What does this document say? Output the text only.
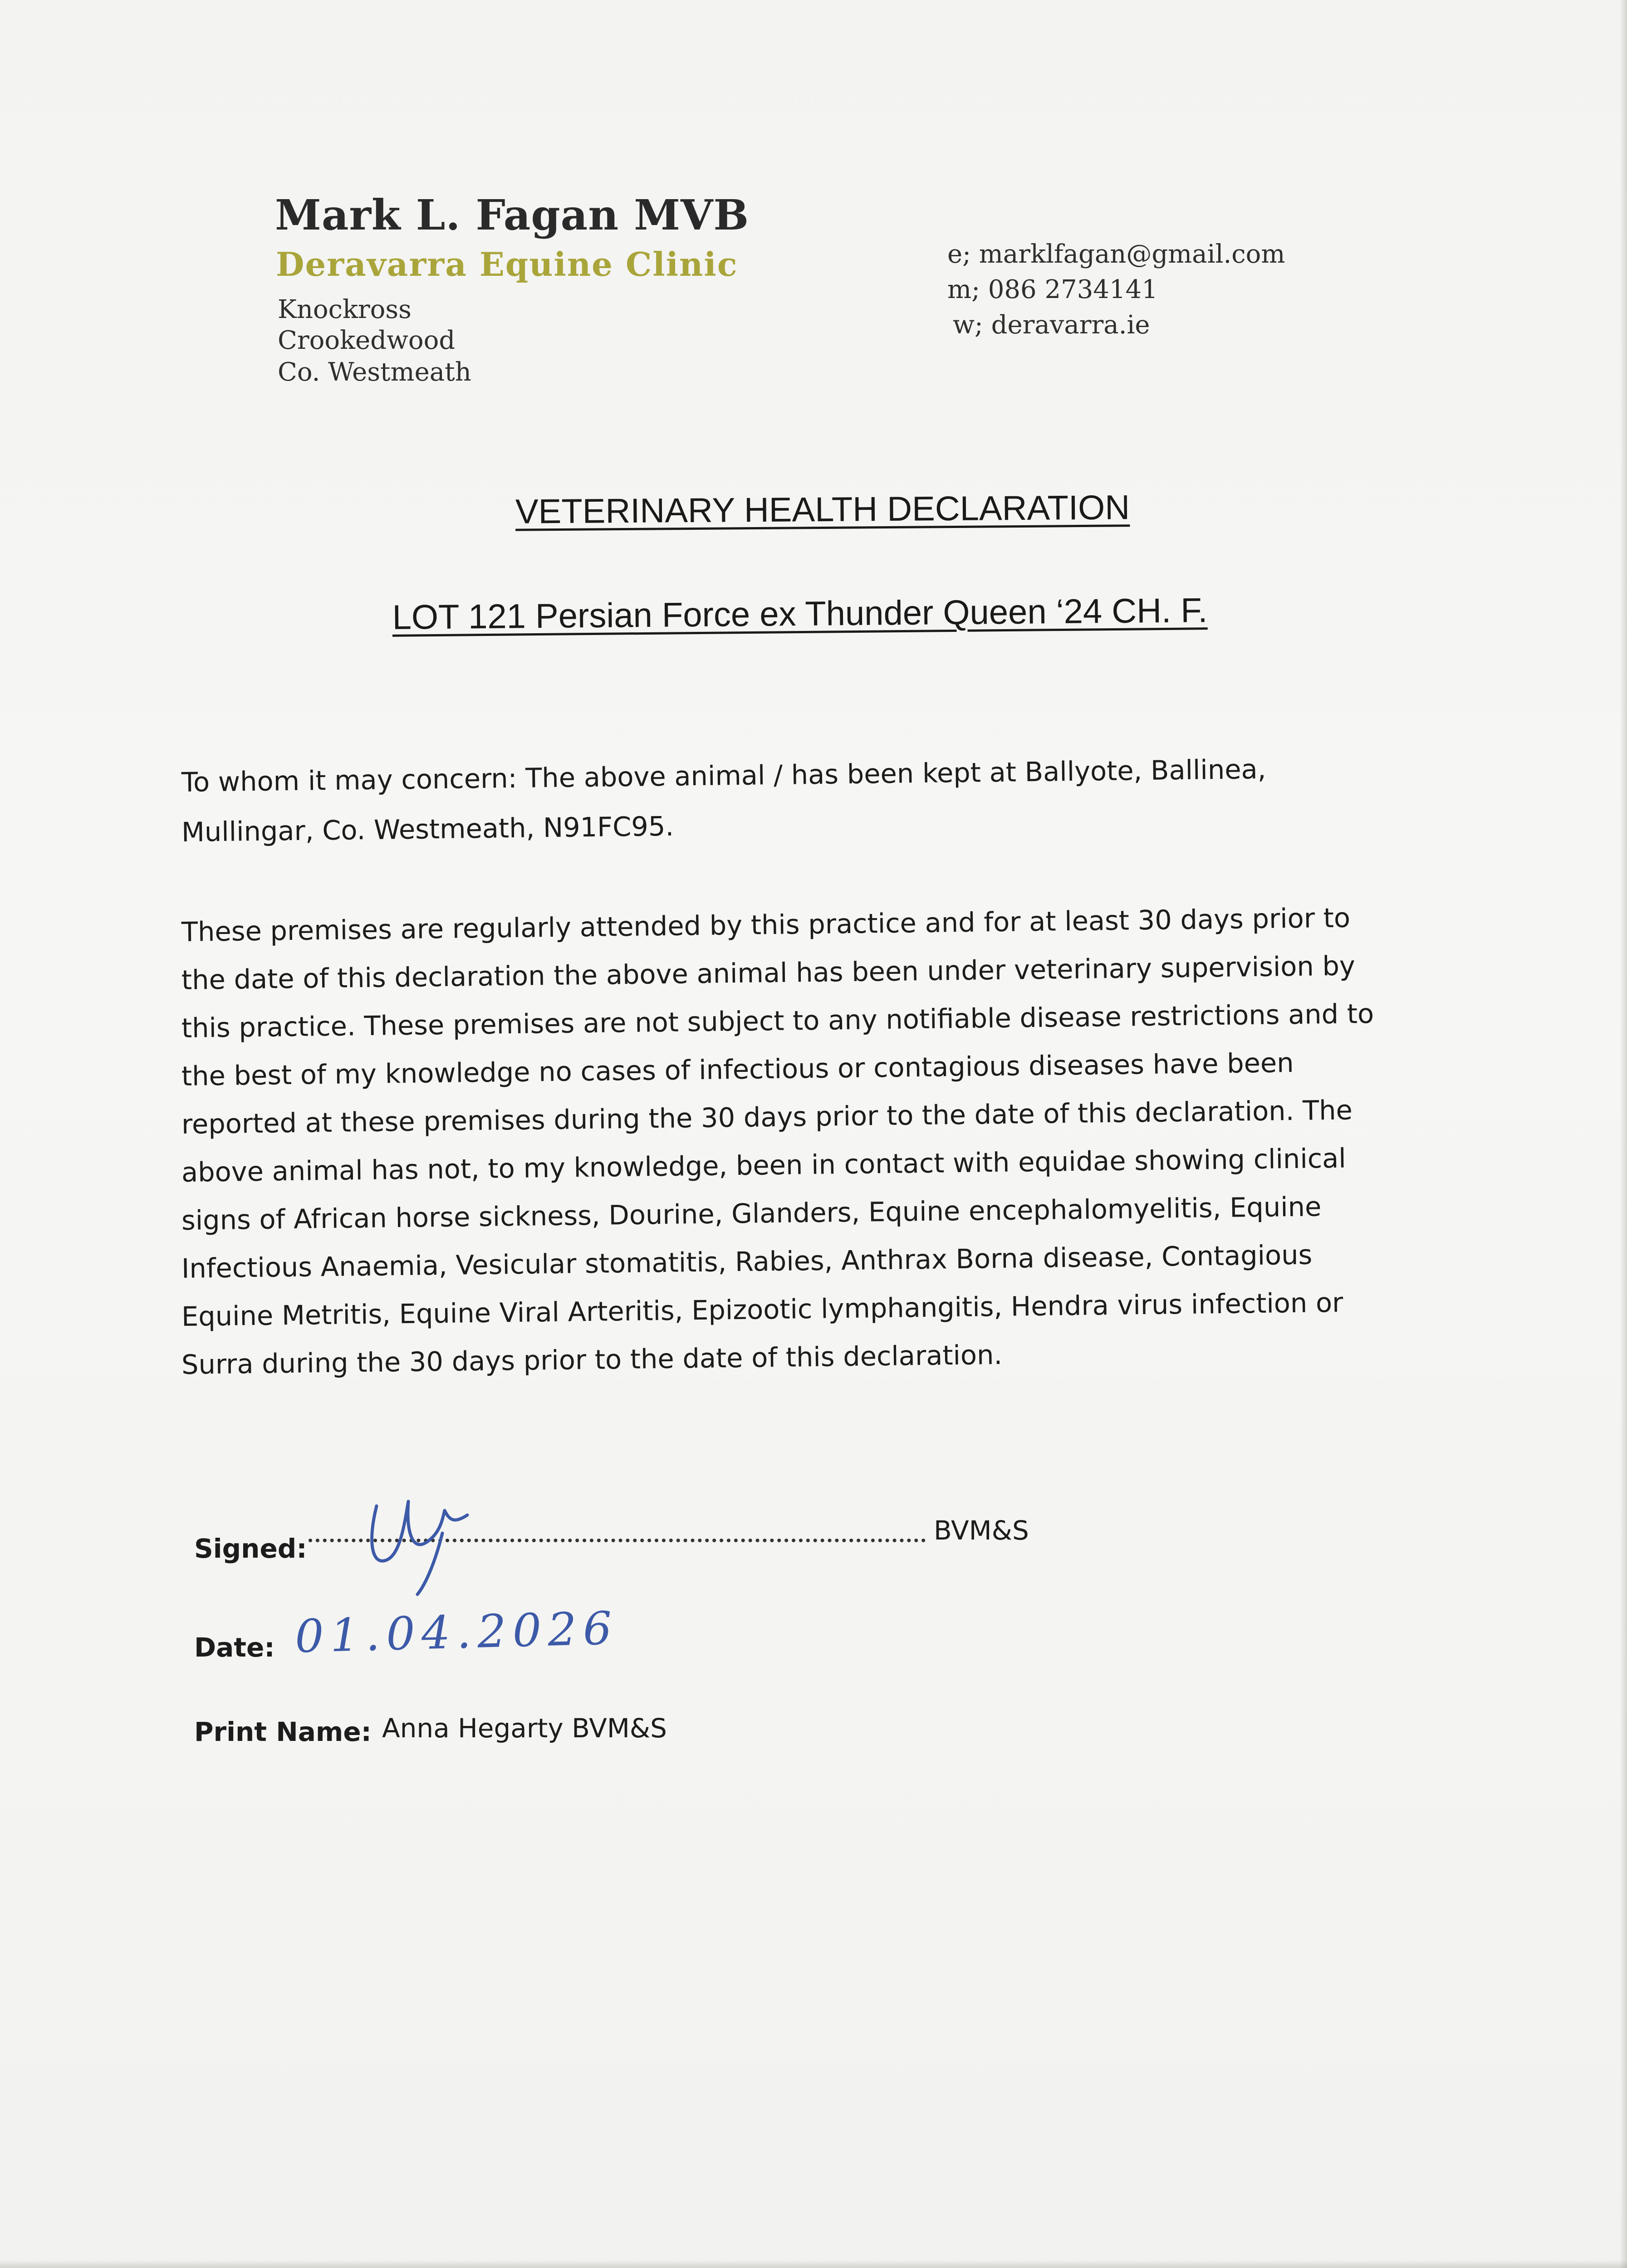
Mark L. Fagan MVB
Deravarra Equine Clinic
Knockross
Crookedwood
Co. Westmeath
e; marklfagan@gmail.com
m; 086 2734141
w; deravarra.ie
VETERINARY HEALTH DECLARATION
LOT 121 Persian Force ex Thunder Queen ‘24 CH. F.
To whom it may concern: The above animal / has been kept at Ballyote, Ballinea,
Mullingar, Co. Westmeath, N91FC95.
These premises are regularly attended by this practice and for at least 30 days prior to
the date of this declaration the above animal has been under veterinary supervision by
this practice. These premises are not subject to any notifiable disease restrictions and to
the best of my knowledge no cases of infectious or contagious diseases have been
reported at these premises during the 30 days prior to the date of this declaration. The
above animal has not, to my knowledge, been in contact with equidae showing clinical
signs of African horse sickness, Dourine, Glanders, Equine encephalomyelitis, Equine
Infectious Anaemia, Vesicular stomatitis, Rabies, Anthrax Borna disease, Contagious
Equine Metritis, Equine Viral Arteritis, Epizootic lymphangitis, Hendra virus infection or
Surra during the 30 days prior to the date of this declaration.
Signed:
BVM&S
Date: 01.04.2026
Print Name: Anna Hegarty BVM&S
